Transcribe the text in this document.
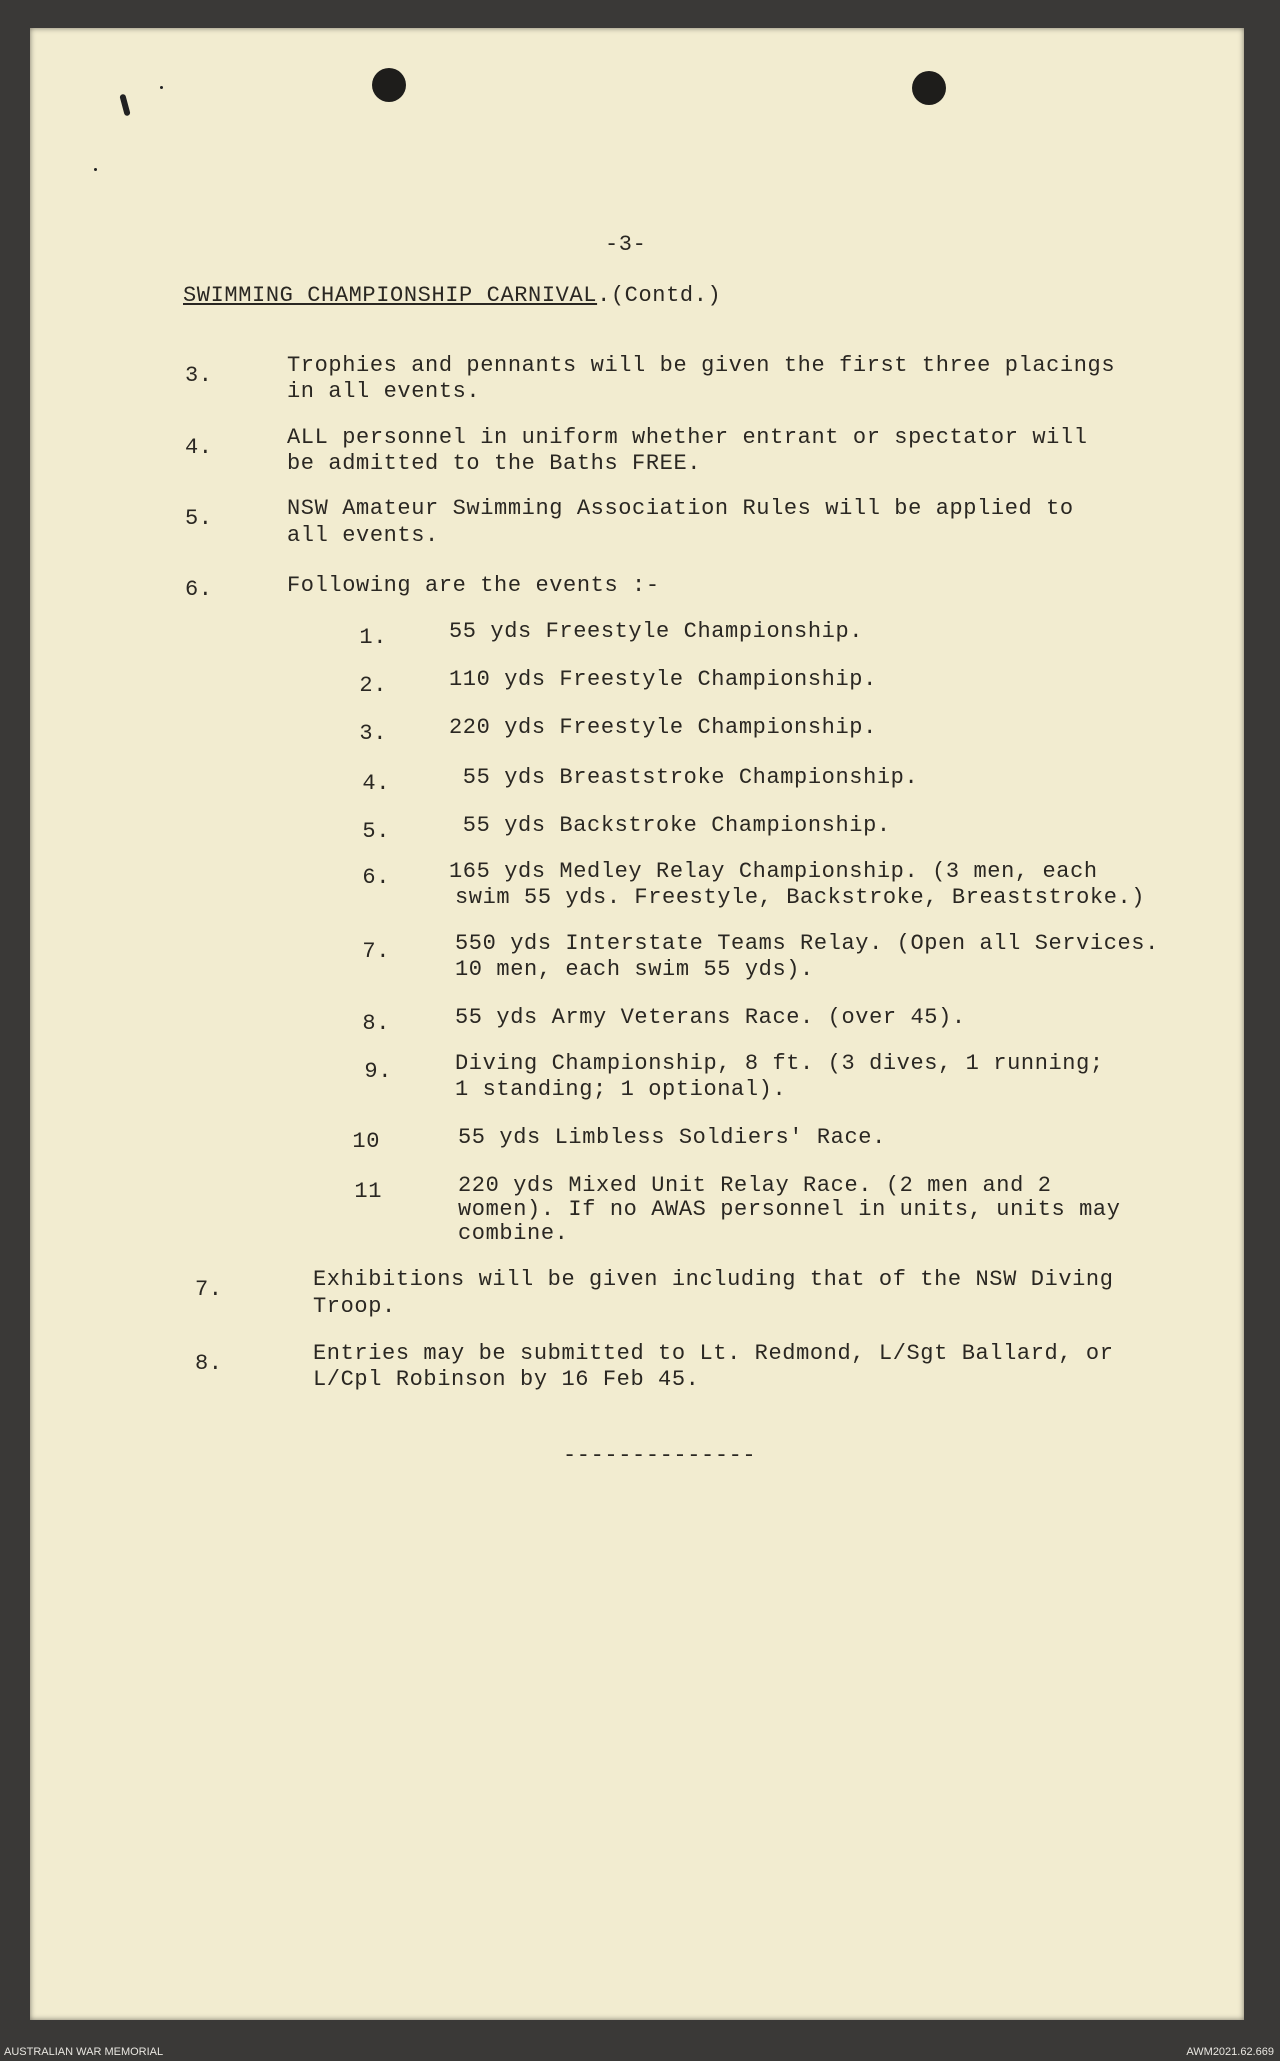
-3-
SWIMMING CHAMPIONSHIP CARNIVAL.(Contd.)
3.	Trophies and pennants will be given the first three placings
in all events.
4.	ALL personnel in uniform whether entrant or spectator will
be admitted to the Baths FREE.
5.	NSW Amateur Swimming Association Rules will be applied to
all events.
6.	Following are the events :-
1.	55 yds Freestyle Championship.
2.	110 yds Freestyle Championship.
3.	220 yds Freestyle Championship.
4.	55 yds Breaststroke Championship.
5.	55 yds Backstroke Championship.
6.	165 yds Medley Relay Championship. (3 men, each
swim 55 yds. Freestyle, Backstroke, Breaststroke.)
7.	550 yds Interstate Teams Relay. (Open all Services.
10 men, each swim 55 yds).
8.	55 yds Army Veterans Race. (over 45).
9.	Diving Championship, 8 ft. (3 dives, 1 running;
1 standing; 1 optional).
10	55 yds Limbless Soldiers' Race.
11	220 yds Mixed Unit Relay Race. (2 men and 2
women). If no AWAS personnel in units, units may
combine.
7.	Exhibitions will be given including that of the NSW Diving
Troop.
8.	Entries may be submitted to Lt. Redmond, L/Sgt Ballard, or
L/Cpl Robinson by 16 Feb 45.
--------------
AUSTRALIAN WAR MEMORIAL	AWM2021.62.669
